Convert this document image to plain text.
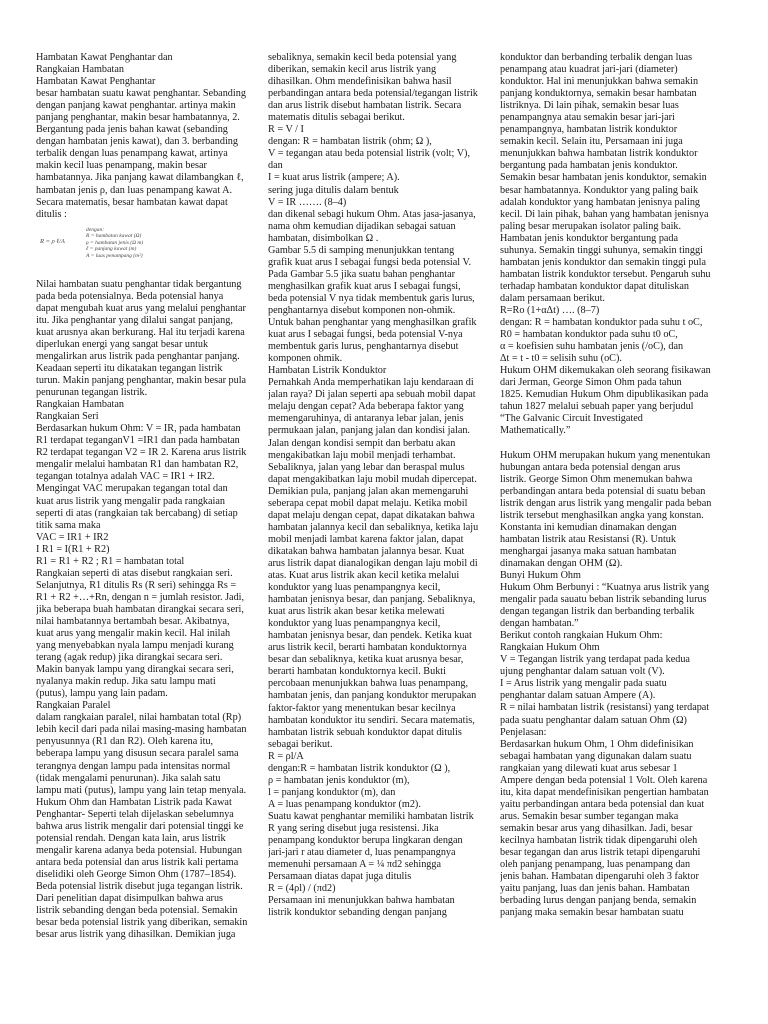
Hambatan Kawat Penghantar dan
Rangkaian Hambatan
Hambatan Kawat Penghantar
besar hambatan suatu kawat penghantar. Sebanding
dengan panjang kawat penghantar. artinya makin
panjang penghantar, makin besar hambatannya, 2.
Bergantung pada jenis bahan kawat (sebanding
dengan hambatan jenis kawat), dan 3. berbanding
terbalik dengan luas penampang kawat, artinya
makin kecil luas penampang, makin besar
hambatannya. Jika panjang kawat dilambangkan ℓ,
hambatan jenis ρ, dan luas penampang kawat A.
Secara matematis, besar hambatan kawat dapat
ditulis :
R = ρ ℓ/A
dengan:
R = hambatan kawat (Ω)
ρ = hambatan jenis (Ω m)
ℓ = panjang kawat (m)
A = luas penampang (m²)
Nilai hambatan suatu penghantar tidak bergantung
pada beda potensialnya. Beda potensial hanya
dapat mengubah kuat arus yang melalui penghantar
itu. Jika penghantar yang dilalui sangat panjang,
kuat arusnya akan berkurang. Hal itu terjadi karena
diperlukan energi yang sangat besar untuk
mengalirkan arus listrik pada penghantar panjang.
Keadaan seperti itu dikatakan tegangan listrik
turun. Makin panjang penghantar, makin besar pula
penurunan tegangan listrik.
Rangkaian Hambatan
Rangkaian Seri
Berdasarkan hukum Ohm: V = IR, pada hambatan
R1 terdapat teganganV1 =IR1 dan pada hambatan
R2 terdapat tegangan V2 = IR 2. Karena arus listrik
mengalir melalui hambatan R1 dan hambatan R2,
tegangan totalnya adalah VAC = IR1 + IR2.
Mengingat VAC merupakan tegangan total dan
kuat arus listrik yang mengalir pada rangkaian
seperti di atas (rangkaian tak bercabang) di setiap
titik sama maka
VAC = IR1 + IR2
I R1 = I(R1 + R2)
R1 = R1 + R2 ; R1 = hambatan total
Rangkaian seperti di atas disebut rangkaian seri.
Selanjutnya, R1 ditulis Rs (R seri) sehingga Rs =
R1 + R2 +…+Rn, dengan n = jumlah resistor. Jadi,
jika beberapa buah hambatan dirangkai secara seri,
nilai hambatannya bertambah besar. Akibatnya,
kuat arus yang mengalir makin kecil. Hal inilah
yang menyebabkan nyala lampu menjadi kurang
terang (agak redup) jika dirangkai secara seri.
Makin banyak lampu yang dirangkai secara seri,
nyalanya makin redup. Jika satu lampu mati
(putus), lampu yang lain padam.
Rangkaian Paralel
dalam rangkaian paralel, nilai hambatan total (Rp)
lebih kecil dari pada nilai masing-masing hambatan
penyusunnya (R1 dan R2). Oleh karena itu,
beberapa lampu yang disusun secara paralel sama
terangnya dengan lampu pada intensitas normal
(tidak mengalami penurunan). Jika salah satu
lampu mati (putus), lampu yang lain tetap menyala.
Hukum Ohm dan Hambatan Listrik pada Kawat
Penghantar- Seperti telah dijelaskan sebelumnya
bahwa arus listrik mengalir dari potensial tinggi ke
potensial rendah. Dengan kata lain, arus listrik
mengalir karena adanya beda potensial. Hubungan
antara beda potensial dan arus listrik kali pertama
diselidiki oleh George Simon Ohm (1787–1854).
Beda potensial listrik disebut juga tegangan listrik.
Dari penelitian dapat disimpulkan bahwa arus
listrik sebanding dengan beda potensial. Semakin
besar beda potensial listrik yang diberikan, semakin
besar arus listrik yang dihasilkan. Demikian juga
sebaliknya, semakin kecil beda potensial yang
diberikan, semakin kecil arus listrik yang
dihasilkan. Ohm mendefinisikan bahwa hasil
perbandingan antara beda potensial/tegangan listrik
dan arus listrik disebut hambatan listrik. Secara
matematis ditulis sebagai berikut.
R = V / I
dengan: R = hambatan listrik (ohm; Ω ),
V = tegangan atau beda potensial listrik (volt; V),
dan
I = kuat arus listrik (ampere; A).
sering juga ditulis dalam bentuk
V = IR ……. (8–4)
dan dikenal sebagi hukum Ohm. Atas jasa-jasanya,
nama ohm kemudian dijadikan sebagai satuan
hambatan, disimbolkan Ω .
Gambar 5.5 di samping menunjukkan tentang
grafik kuat arus I sebagai fungsi beda potensial V.
Pada Gambar 5.5 jika suatu bahan penghantar
menghasilkan grafik kuat arus I sebagai fungsi,
beda potensial V nya tidak membentuk garis lurus,
penghantarnya disebut komponen non-ohmik.
Untuk bahan penghantar yang menghasilkan grafik
kuat arus I sebagai fungsi, beda potensial V-nya
membentuk garis lurus, penghantarnya disebut
komponen ohmik.
Hambatan Listrik Konduktor
Pernahkah Anda memperhatikan laju kendaraan di
jalan raya? Di jalan seperti apa sebuah mobil dapat
melaju dengan cepat? Ada beberapa faktor yang
memengaruhinya, di antaranya lebar jalan, jenis
permukaan jalan, panjang jalan dan kondisi jalan.
Jalan dengan kondisi sempit dan berbatu akan
mengakibatkan laju mobil menjadi terhambat.
Sebaliknya, jalan yang lebar dan beraspal mulus
dapat mengakibatkan laju mobil mudah dipercepat.
Demikian pula, panjang jalan akan memengaruhi
seberapa cepat mobil dapat melaju. Ketika mobil
dapat melaju dengan cepat, dapat dikatakan bahwa
hambatan jalannya kecil dan sebaliknya, ketika laju
mobil menjadi lambat karena faktor jalan, dapat
dikatakan bahwa hambatan jalannya besar. Kuat
arus listrik dapat dianalogikan dengan laju mobil di
atas. Kuat arus listrik akan kecil ketika melalui
konduktor yang luas penampangnya kecil,
hambatan jenisnya besar, dan panjang. Sebaliknya,
kuat arus listrik akan besar ketika melewati
konduktor yang luas penampangnya kecil,
hambatan jenisnya besar, dan pendek. Ketika kuat
arus listrik kecil, berarti hambatan konduktornya
besar dan sebaliknya, ketika kuat arusnya besar,
berarti hambatan konduktornya kecil. Bukti
percobaan menunjukkan bahwa luas penampang,
hambatan jenis, dan panjang konduktor merupakan
faktor-faktor yang menentukan besar kecilnya
hambatan konduktor itu sendiri. Secara matematis,
hambatan listrik sebuah konduktor dapat ditulis
sebagai berikut.
R = ρl/A
dengan:R = hambatan listrik konduktor (Ω ),
ρ = hambatan jenis konduktor (m),
l = panjang konduktor (m), dan
A = luas penampang konduktor (m2).
Suatu kawat penghantar memiliki hambatan listrik
R yang sering disebut juga resistensi. Jika
penampang konduktor berupa lingkaran dengan
jari-jari r atau diameter d, luas penampangnya
memenuhi persamaan A = ¼ πd2 sehingga
Persamaan diatas dapat juga ditulis
R = (4ρl) / (πd2)
Persamaan ini menunjukkan bahwa hambatan
listrik konduktor sebanding dengan panjang
konduktor dan berbanding terbalik dengan luas
penampang atau kuadrat jari-jari (diameter)
konduktor. Hal ini menunjukkan bahwa semakin
panjang konduktornya, semakin besar hambatan
listriknya. Di lain pihak, semakin besar luas
penampangnya atau semakin besar jari-jari
penampangnya, hambatan listrik konduktor
semakin kecil. Selain itu, Persamaan ini juga
menunjukkan bahwa hambatan listrik konduktor
bergantung pada hambatan jenis konduktor.
Semakin besar hambatan jenis konduktor, semakin
besar hambatannya. Konduktor yang paling baik
adalah konduktor yang hambatan jenisnya paling
kecil. Di lain pihak, bahan yang hambatan jenisnya
paling besar merupakan isolator paling baik.
Hambatan jenis konduktor bergantung pada
suhunya. Semakin tinggi suhunya, semakin tinggi
hambatan jenis konduktor dan semakin tinggi pula
hambatan listrik konduktor tersebut. Pengaruh suhu
terhadap hambatan konduktor dapat dituliskan
dalam persamaan berikut.
R=Ro (1+αΔt) …. (8–7)
dengan: R = hambatan konduktor pada suhu t oC,
R0 = hambatan konduktor pada suhu t0 oC,
α = koefisien suhu hambatan jenis (/oC), dan
Δt = t - t0 = selisih suhu (oC).
Hukum OHM dikemukakan oleh seorang fisikawan
dari Jerman, George Simon Ohm pada tahun
1825. Kemudian Hukum Ohm dipublikasikan pada
tahun 1827 melalui sebuah paper yang berjudul
“The Galvanic Circuit Investigated
Mathematically.”
Hukum OHM merupakan hukum yang menentukan
hubungan antara beda potensial dengan arus
listrik. George Simon Ohm menemukan bahwa
perbandingan antara beda potensial di suatu beban
listrik dengan arus listrik yang mengalir pada beban
listrik tersebut menghasilkan angka yang konstan.
Konstanta ini kemudian dinamakan dengan
hambatan listrik atau Resistansi (R). Untuk
menghargai jasanya maka satuan hambatan
dinamakan dengan OHM (Ω).
Bunyi Hukum Ohm
Hukum Ohm Berbunyi : “Kuatnya arus listrik yang
mengalir pada sauatu beban listrik sebanding lurus
dengan tegangan listrik dan berbanding terbalik
dengan hambatan.”
Berikut contoh rangkaian Hukum Ohm:
Rangkaian Hukum Ohm
V = Tegangan listrik yang terdapat pada kedua
ujung penghantar dalam satuan volt (V).
I = Arus listrik yang mengalir pada suatu
penghantar dalam satuan Ampere (A).
R = nilai hambatan listrik (resistansi) yang terdapat
pada suatu penghantar dalam satuan Ohm (Ω)
Penjelasan:
Berdasarkan hukum Ohm, 1 Ohm didefinisikan
sebagai hambatan yang digunakan dalam suatu
rangkaian yang dilewati kuat arus sebesar 1
Ampere dengan beda potensial 1 Volt. Oleh karena
itu, kita dapat mendefinisikan pengertian hambatan
yaitu perbandingan antara beda potensial dan kuat
arus. Semakin besar sumber tegangan maka
semakin besar arus yang dihasilkan. Jadi, besar
kecilnya hambatan listrik tidak dipengaruhi oleh
besar tegangan dan arus listrik tetapi dipengaruhi
oleh panjang penampang, luas penampang dan
jenis bahan. Hambatan dipengaruhi oleh 3 faktor
yaitu panjang, luas dan jenis bahan. Hambatan
berbading lurus dengan panjang benda, semakin
panjang maka semakin besar hambatan suatu
